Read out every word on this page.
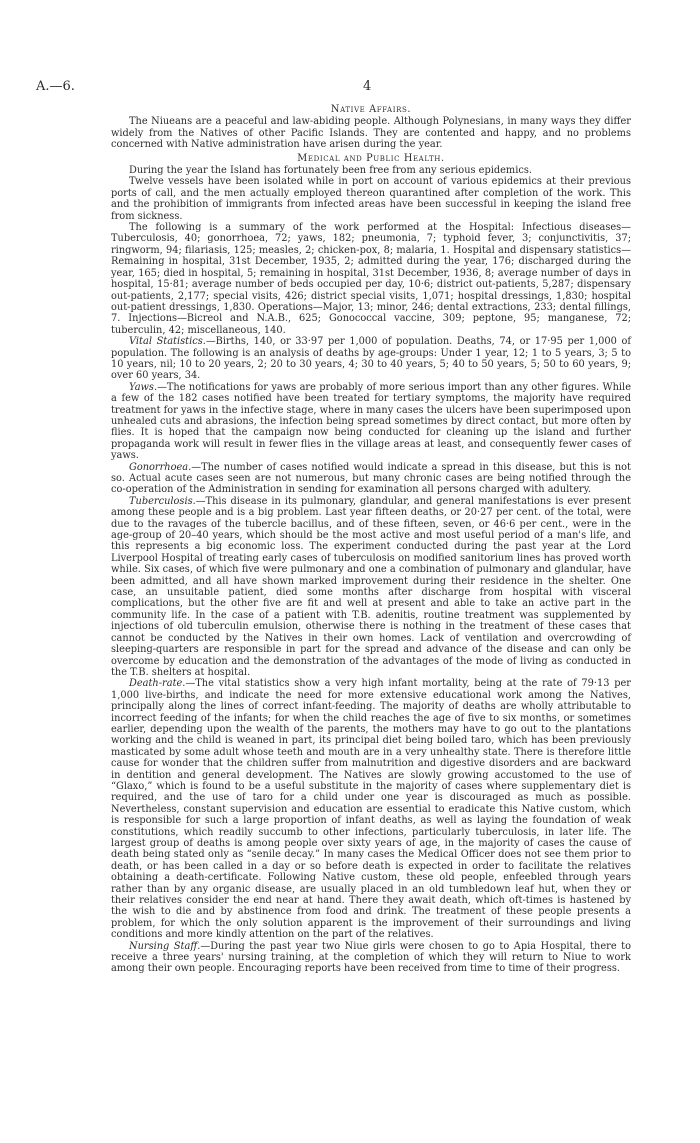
A.—6.	4
Native Affairs.

The Niueans are a peaceful and law-abiding people. Although Polynesians, in many ways they differ widely from the Natives of other Pacific Islands. They are contented and happy, and no problems concerned with Native administration have arisen during the year.

Medical and Public Health.

During the year the Island has fortunately been free from any serious epidemics.

Twelve vessels have been isolated while in port on account of various epidemics at their previous ports of call, and the men actually employed thereon quarantined after completion of the work. This and the prohibition of immigrants from infected areas have been successful in keeping the island free from sickness.

The following is a summary of the work performed at the Hospital: Infectious diseases—Tuberculosis, 40; gonorrhoea, 72; yaws, 182; pneumonia, 7; typhoid fever, 3; conjunctivitis, 37; ringworm, 94; filariasis, 125; measles, 2; chicken-pox, 8; malaria, 1. Hospital and dispensary statistics—Remaining in hospital, 31st December, 1935, 2; admitted during the year, 176; discharged during the year, 165; died in hospital, 5; remaining in hospital, 31st December, 1936, 8; average number of days in hospital, 15·81; average number of beds occupied per day, 10·6; district out-patients, 5,287; dispensary out-patients, 2,177; special visits, 426; district special visits, 1,071; hospital dressings, 1,830; hospital out-patient dressings, 1,830. Operations—Major, 13; minor, 246; dental extractions, 233; dental fillings, 7. Injections—Bicreol and N.A.B., 625; Gonococcal vaccine, 309; peptone, 95; manganese, 72; tuberculin, 42; miscellaneous, 140.

Vital Statistics.—Births, 140, or 33·97 per 1,000 of population. Deaths, 74, or 17·95 per 1,000 of population. The following is an analysis of deaths by age-groups: Under 1 year, 12; 1 to 5 years, 3; 5 to 10 years, nil; 10 to 20 years, 2; 20 to 30 years, 4; 30 to 40 years, 5; 40 to 50 years, 5; 50 to 60 years, 9; over 60 years, 34.

Yaws.—The notifications for yaws are probably of more serious import than any other figures. While a few of the 182 cases notified have been treated for tertiary symptoms, the majority have required treatment for yaws in the infective stage, where in many cases the ulcers have been superimposed upon unhealed cuts and abrasions, the infection being spread sometimes by direct contact, but more often by flies. It is hoped that the campaign now being conducted for cleaning up the island and further propaganda work will result in fewer flies in the village areas at least, and consequently fewer cases of yaws.

Gonorrhoea.—The number of cases notified would indicate a spread in this disease, but this is not so. Actual acute cases seen are not numerous, but many chronic cases are being notified through the co-operation of the Administration in sending for examination all persons charged with adultery.

Tuberculosis.—This disease in its pulmonary, glandular, and general manifestations is ever present among these people and is a big problem. Last year fifteen deaths, or 20·27 per cent. of the total, were due to the ravages of the tubercle bacillus, and of these fifteen, seven, or 46·6 per cent., were in the age-group of 20–40 years, which should be the most active and most useful period of a man's life, and this represents a big economic loss. The experiment conducted during the past year at the Lord Liverpool Hospital of treating early cases of tuberculosis on modified sanitorium lines has proved worth while. Six cases, of which five were pulmonary and one a combination of pulmonary and glandular, have been admitted, and all have shown marked improvement during their residence in the shelter. One case, an unsuitable patient, died some months after discharge from hospital with visceral complications, but the other five are fit and well at present and able to take an active part in the community life. In the case of a patient with T.B. adenitis, routine treatment was supplemented by injections of old tuberculin emulsion, otherwise there is nothing in the treatment of these cases that cannot be conducted by the Natives in their own homes. Lack of ventilation and overcrowding of sleeping-quarters are responsible in part for the spread and advance of the disease and can only be overcome by education and the demonstration of the advantages of the mode of living as conducted in the T.B. shelters at hospital.

Death-rate.—The vital statistics show a very high infant mortality, being at the rate of 79·13 per 1,000 live-births, and indicate the need for more extensive educational work among the Natives, principally along the lines of correct infant-feeding. The majority of deaths are wholly attributable to incorrect feeding of the infants; for when the child reaches the age of five to six months, or sometimes earlier, depending upon the wealth of the parents, the mothers may have to go out to the plantations working and the child is weaned in part, its principal diet being boiled taro, which has been previously masticated by some adult whose teeth and mouth are in a very unhealthy state. There is therefore little cause for wonder that the children suffer from malnutrition and digestive disorders and are backward in dentition and general development. The Natives are slowly growing accustomed to the use of “Glaxo,” which is found to be a useful substitute in the majority of cases where supplementary diet is required, and the use of taro for a child under one year is discouraged as much as possible. Nevertheless, constant supervision and education are essential to eradicate this Native custom, which is responsible for such a large proportion of infant deaths, as well as laying the foundation of weak constitutions, which readily succumb to other infections, particularly tuberculosis, in later life. The largest group of deaths is among people over sixty years of age, in the majority of cases the cause of death being stated only as “senile decay.” In many cases the Medical Officer does not see them prior to death, or has been called in a day or so before death is expected in order to facilitate the relatives obtaining a death-certificate. Following Native custom, these old people, enfeebled through years rather than by any organic disease, are usually placed in an old tumbledown leaf hut, when they or their relatives consider the end near at hand. There they await death, which oft-times is hastened by the wish to die and by abstinence from food and drink. The treatment of these people presents a problem, for which the only solution apparent is the improvement of their surroundings and living conditions and more kindly attention on the part of the relatives.

Nursing Staff.—During the past year two Niue girls were chosen to go to Apia Hospital, there to receive a three years' nursing training, at the completion of which they will return to Niue to work among their own people. Encouraging reports have been received from time to time of their progress.
